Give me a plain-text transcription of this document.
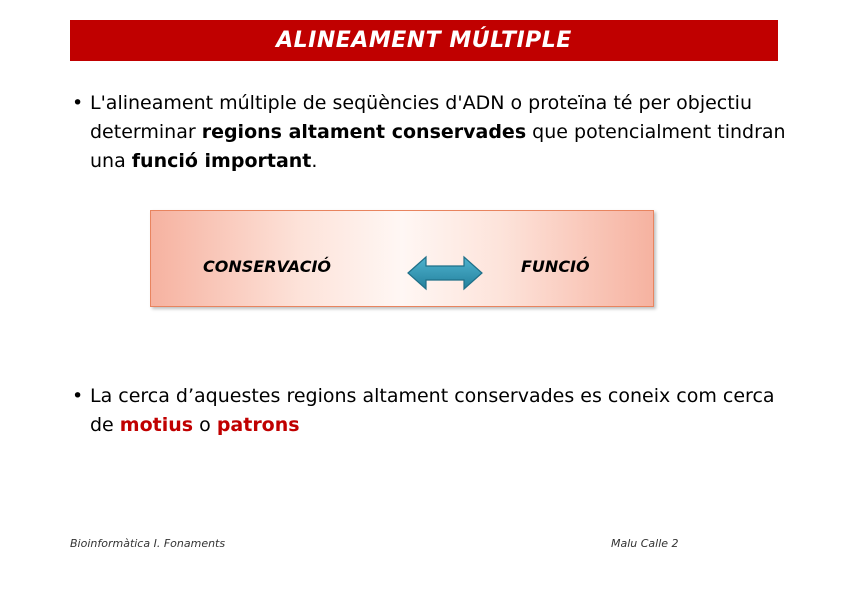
ALINEAMENT MÚLTIPLE
• L'alineament múltiple de seqüències d'ADN o proteïna té per objectiu determinar regions altament conservades que potencialment tindran una funció important.
CONSERVACIÓ	FUNCIÓ
• La cerca d’aquestes regions altament conservades es coneix com cerca de motius o patrons
Bioinformàtica I. Fonaments	Malu Calle 2
